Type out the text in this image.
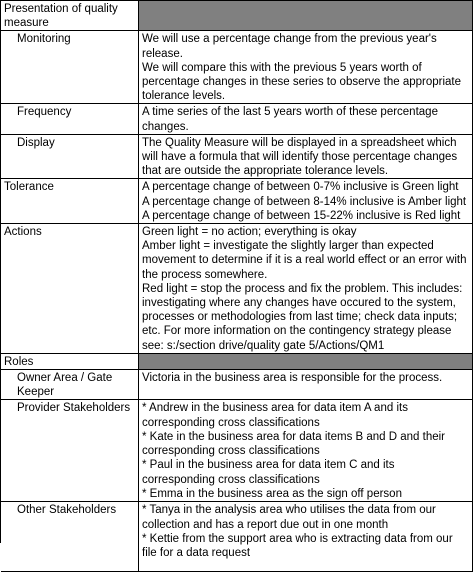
Presentation of quality measure	
Monitoring	We will use a percentage change from the previous year's release.
We will compare this with the previous 5 years worth of percentage changes in these series to observe the appropriate tolerance levels.

Frequency	A time series of the last 5 years worth of these percentage changes.

Display	The Quality Measure will be displayed in a spreadsheet which will have a formula that will identify those percentage changes that are outside the appropriate tolerance levels.

Tolerance	A percentage change of between 0-7% inclusive is Green light
A percentage change of between 8-14% inclusive is Amber light
A percentage change of between 15-22% inclusive is Red light

Actions	Green light = no action; everything is okay
Amber light = investigate the slightly larger than expected movement to determine if it is a real world effect or an error with the process somewhere.
Red light = stop the process and fix the problem. This includes: investigating where any changes have occured to the system, processes or methodologies from last time; check data inputs; etc. For more information on the contingency strategy please see: s:/section drive/quality gate 5/Actions/QM1

Roles	
Owner Area / Gate Keeper	Victoria in the business area is responsible for the process.

Provider Stakeholders	* Andrew in the business area for data item A and its corresponding cross classifications
* Kate in the business area for data items B and D and their corresponding cross classifications
* Paul in the business area for data item C and its corresponding cross classifications
* Emma in the business area as the sign off person

Other Stakeholders	* Tanya in the analysis area who utilises the data from our collection and has a report due out in one month
* Kettie from the support area who is extracting data from our file for a data request
